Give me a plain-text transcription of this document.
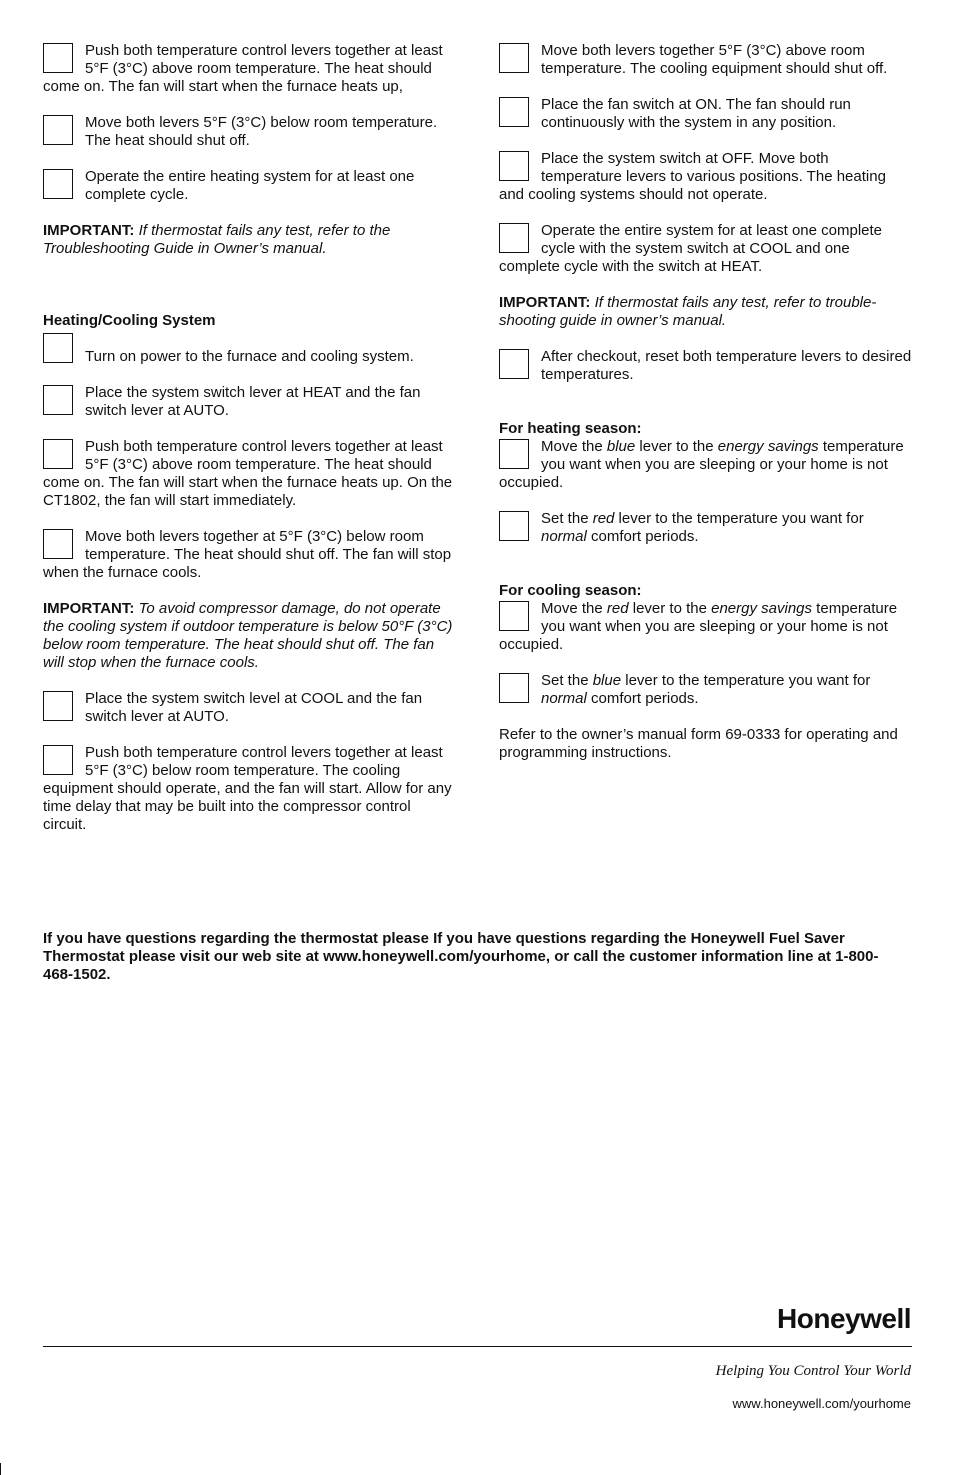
Push both temperature control levers together at least 5°F (3°C) above room temperature. The heat should come on. The fan will start when the furnace heats up,
Move both levers 5°F (3°C) below room temperature. The heat should shut off.
Operate the entire heating system for at least one complete cycle.
IMPORTANT: If thermostat fails any test, refer to the Troubleshooting Guide in Owner’s manual.
Heating/Cooling System
Turn on power to the furnace and cooling system.
Place the system switch lever at HEAT and the fan switch lever at AUTO.
Push both temperature control levers together at least 5°F (3°C) above room temperature. The heat should come on. The fan will start when the furnace heats up. On the CT1802, the fan will start immediately.
Move both levers together at 5°F (3°C) below room temperature. The heat should shut off. The fan will stop when the furnace cools.
IMPORTANT: To avoid compressor damage, do not operate the cooling system if outdoor temperature is below 50°F (3°C) below room temperature. The heat should shut off. The fan will stop when the furnace cools.
Place the system switch level at COOL and the fan switch lever at AUTO.
Push both temperature control levers together at least 5°F (3°C) below room temperature. The cooling equipment should operate, and the fan will start. Allow for any time delay that may be built into the compressor control circuit.
Move both levers together 5°F (3°C) above room temperature. The cooling equipment should shut off.
Place the fan switch at ON. The fan should run continuously with the system in any position.
Place the system switch at OFF. Move both temperature levers to various positions. The heating and cooling systems should not operate.
Operate the entire system for at least one complete cycle with the system switch at COOL and one complete cycle with the switch at HEAT.
IMPORTANT: If thermostat fails any test, refer to trouble-shooting guide in owner’s manual.
After checkout, reset both temperature levers to desired temperatures.
For heating season:
Move the blue lever to the energy savings temperature you want when you are sleeping or your home is not occupied.
Set the red lever to the temperature you want for normal comfort periods.
For cooling season:
Move the red lever to the energy savings temperature you want when you are sleeping or your home is not occupied.
Set the blue lever to the temperature you want for normal comfort periods.
Refer to the owner’s manual form 69-0333 for operating and programming instructions.
If you have questions regarding the thermostat please If you have questions regarding the Honeywell Fuel Saver Thermostat please visit our web site at www.honeywell.com/yourhome, or call the customer information line at 1-800-468-1502.
Honeywell
Helping You Control Your World
www.honeywell.com/yourhome
